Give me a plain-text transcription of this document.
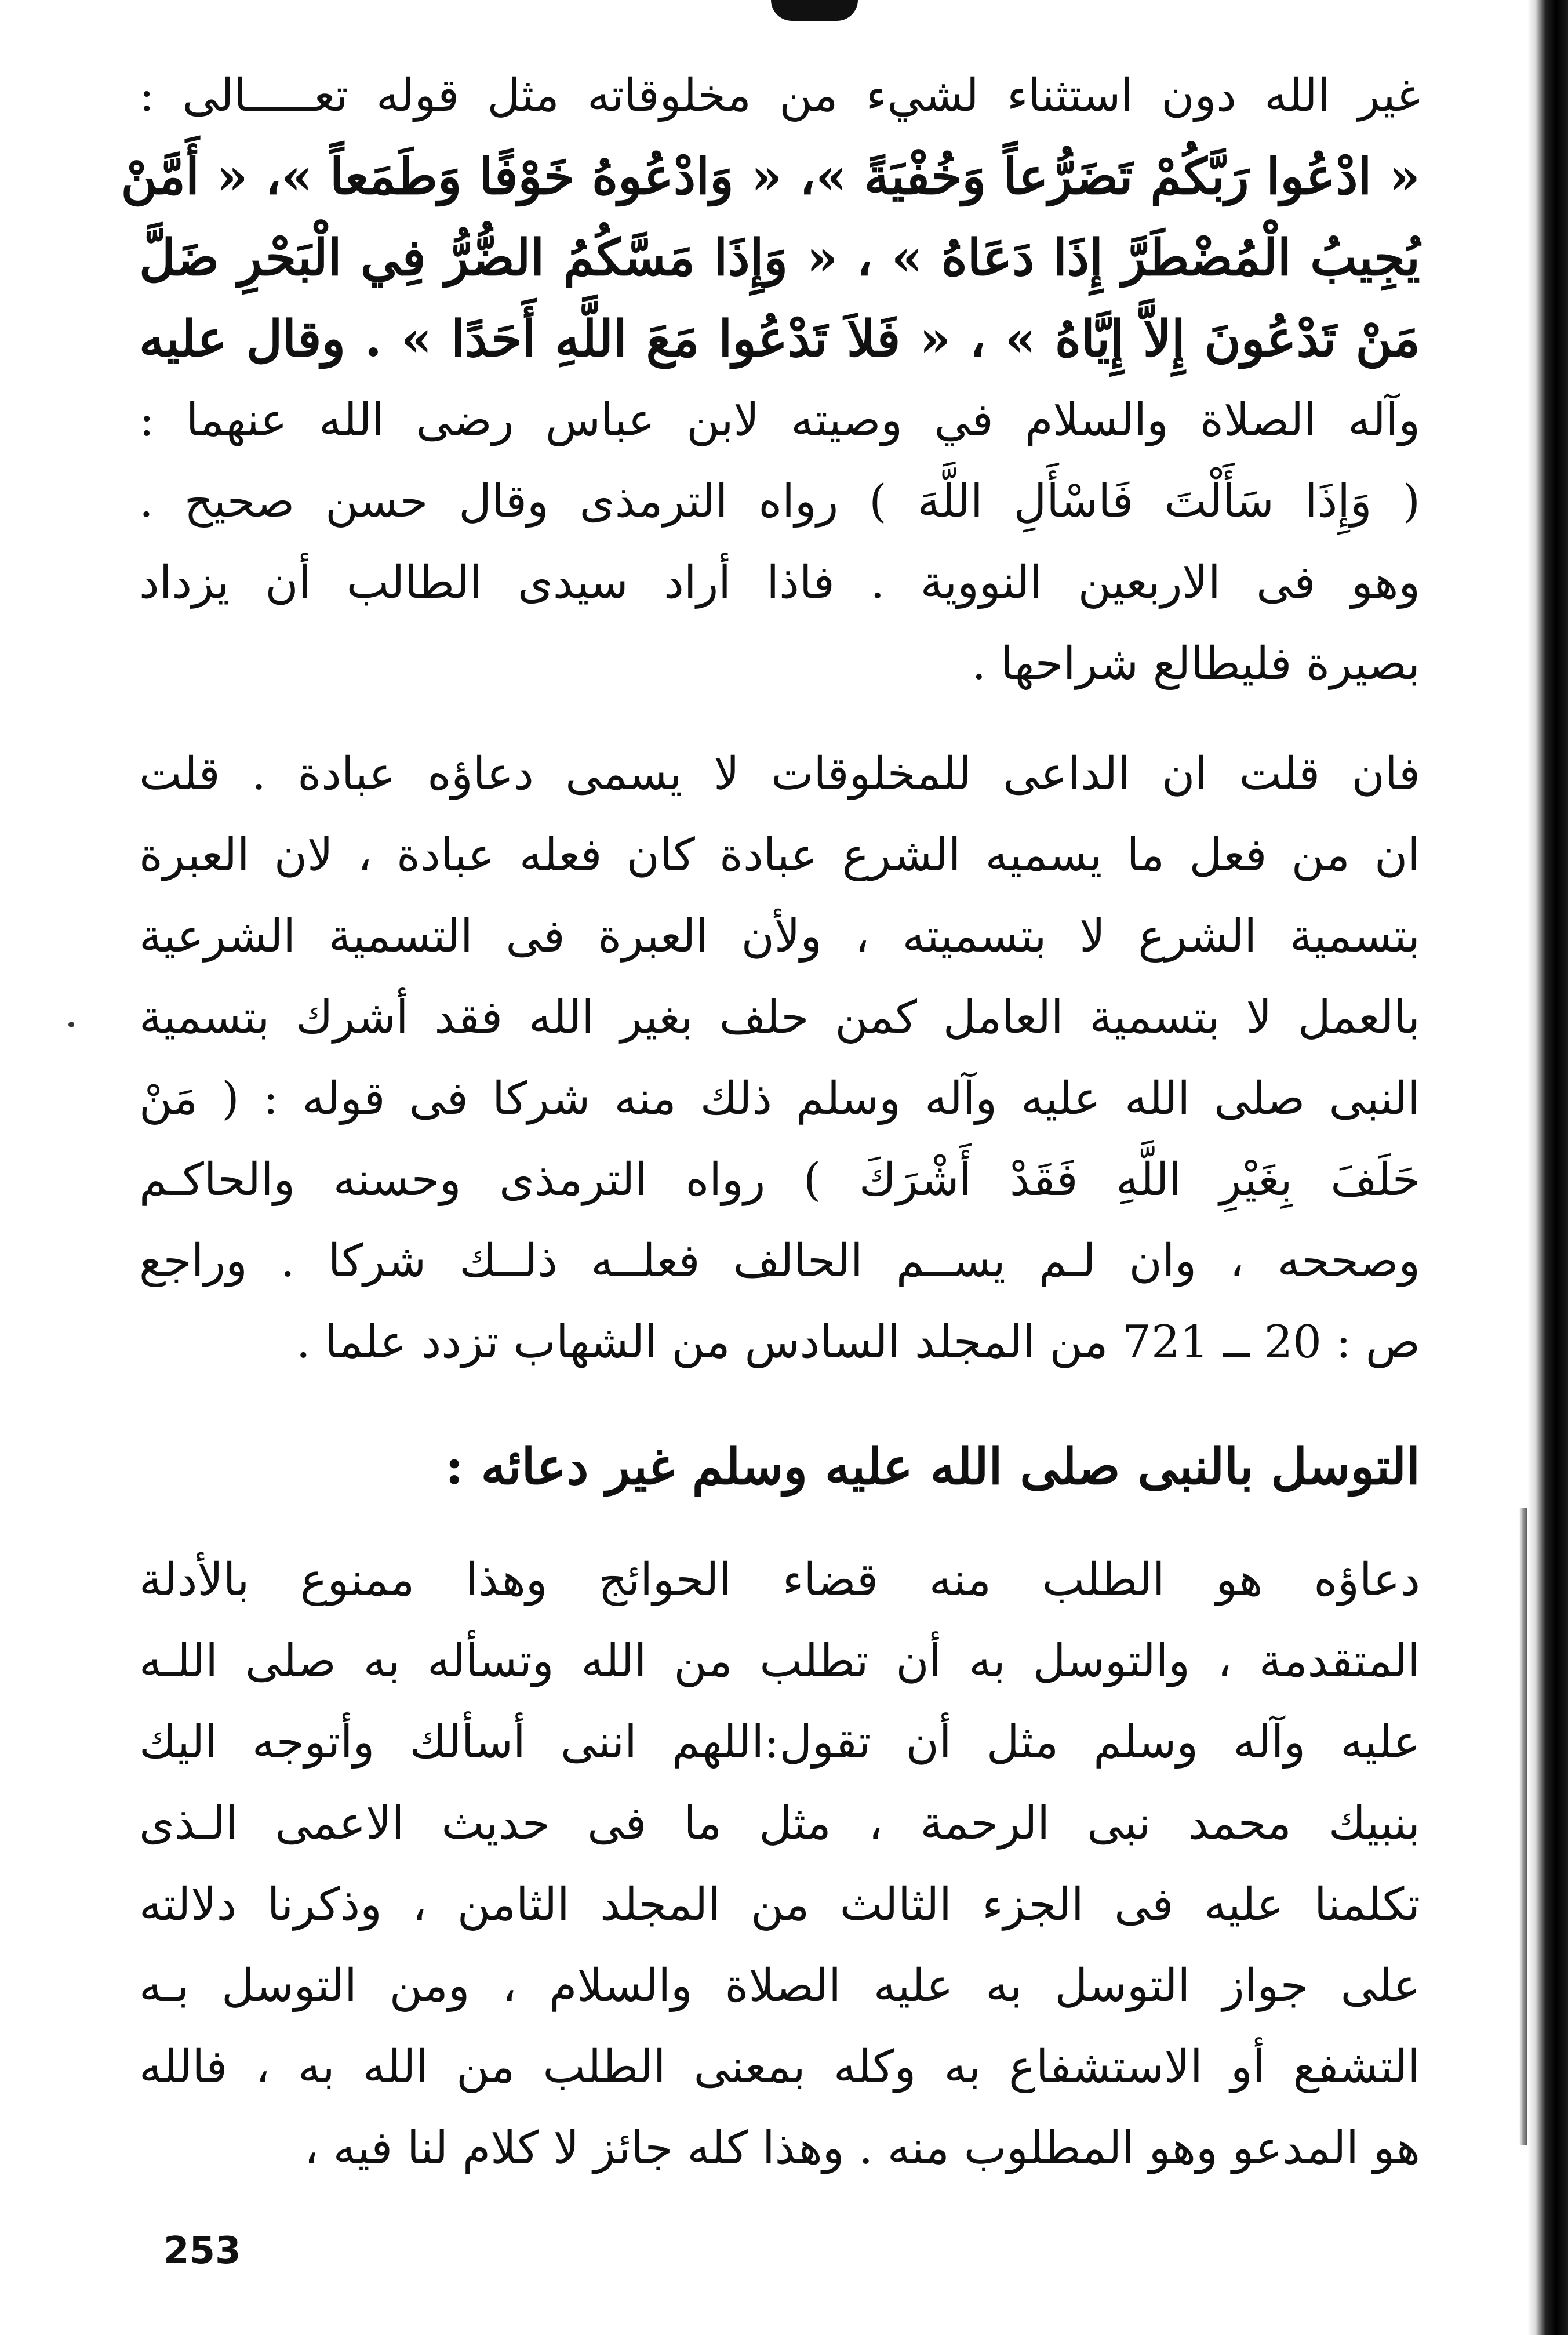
غير الله دون استثناء لشيء من مخلوقاته مثل قوله تعـــــالى :
« ادْعُوا رَبَّكُمْ تَضَرُّعاً وَخُفْيَةً »، « وَادْعُوهُ خَوْفًا وَطَمَعاً »، « أَمَّنْ
يُجِيبُ الْمُضْطَرَّ إِذَا دَعَاهُ » ، « وَإِذَا مَسَّكُمُ الضُّرُّ فِي الْبَحْرِ ضَلَّ
مَنْ تَدْعُونَ إِلاَّ إِيَّاهُ » ، « فَلاَ تَدْعُوا مَعَ اللَّهِ أَحَدًا » . وقال عليه
وآله الصلاة والسلام في وصيته لابن عباس رضى الله عنهما :
( وَإِذَا سَأَلْتَ فَاسْأَلِ اللَّهَ ) رواه الترمذى وقال حسن صحيح .
وهو فى الاربعين النووية . فاذا أراد سيدى الطالب أن يزداد
بصيرة فليطالع شراحها .
فان قلت ان الداعى للمخلوقات لا يسمى دعاؤه عبادة . قلت
ان من فعل ما يسميه الشرع عبادة كان فعله عبادة ، لان العبرة
بتسمية الشرع لا بتسميته ، ولأن العبرة فى التسمية الشرعية
بالعمل لا بتسمية العامل كمن حلف بغير الله فقد أشرك بتسمية
النبى صلى الله عليه وآله وسلم ذلك منه شركا فى قوله : ( مَنْ
حَلَفَ بِغَيْرِ اللَّهِ فَقَدْ أَشْرَكَ ) رواه الترمذى وحسنه والحاكـم
وصححه ، وان لـم يســم الحالف فعلــه ذلــك شركا . وراجع
ص : 20 ــ 721 من المجلد السادس من الشهاب تزدد علما .
التوسل بالنبى صلى الله عليه وسلم غير دعائه :
دعاؤه هو الطلب منه قضاء الحوائج وهذا ممنوع بالأدلة
المتقدمة ، والتوسل به أن تطلب من الله وتسأله به صلى اللـه
عليه وآله وسلم مثل أن تقول:اللهم اننى أسألك وأتوجه اليك
بنبيك محمد نبى الرحمة ، مثل ما فى حديث الاعمى الـذى
تكلمنا عليه فى الجزء الثالث من المجلد الثامن ، وذكرنا دلالته
على جواز التوسل به عليه الصلاة والسلام ، ومن التوسل بـه
التشفع أو الاستشفاع به وكله بمعنى الطلب من الله به ، فالله
هو المدعو وهو المطلوب منه . وهذا كله جائز لا كلام لنا فيه ،
253
